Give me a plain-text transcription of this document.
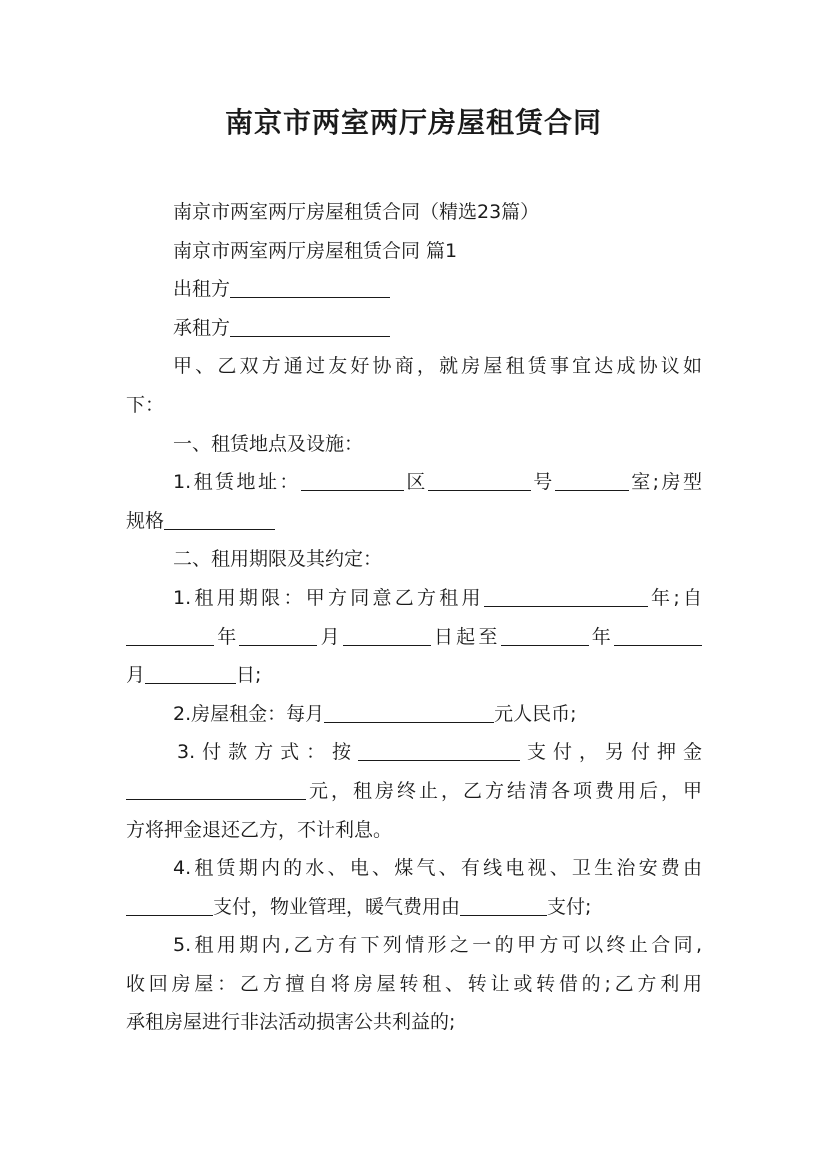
南京市两室两厅房屋租赁合同

南京市两室两厅房屋租赁合同（精选23篇）

南京市两室两厅房屋租赁合同 篇1

出租方

承租方

甲、乙双方通过友好协商，就房屋租赁事宜达成协议如

下：

一、租赁地点及设施：

1.租赁地址：	区	号	室;房型

规格

二、租用期限及其约定：

1.租用期限：甲方同意乙方租用	年;自

年	月	日起至	年

月	日;

2.房屋租金：每月	元人民币;

3.付款方式：按	支付，另付押金

元，租房终止，乙方结清各项费用后，甲

方将押金退还乙方，不计利息。

4.租赁期内的水、电、煤气、有线电视、卫生治安费由

支付，物业管理，暖气费用由	支付;

5.租用期内,乙方有下列情形之一的甲方可以终止合同,

收回房屋：乙方擅自将房屋转租、转让或转借的;乙方利用

承租房屋进行非法活动损害公共利益的;
